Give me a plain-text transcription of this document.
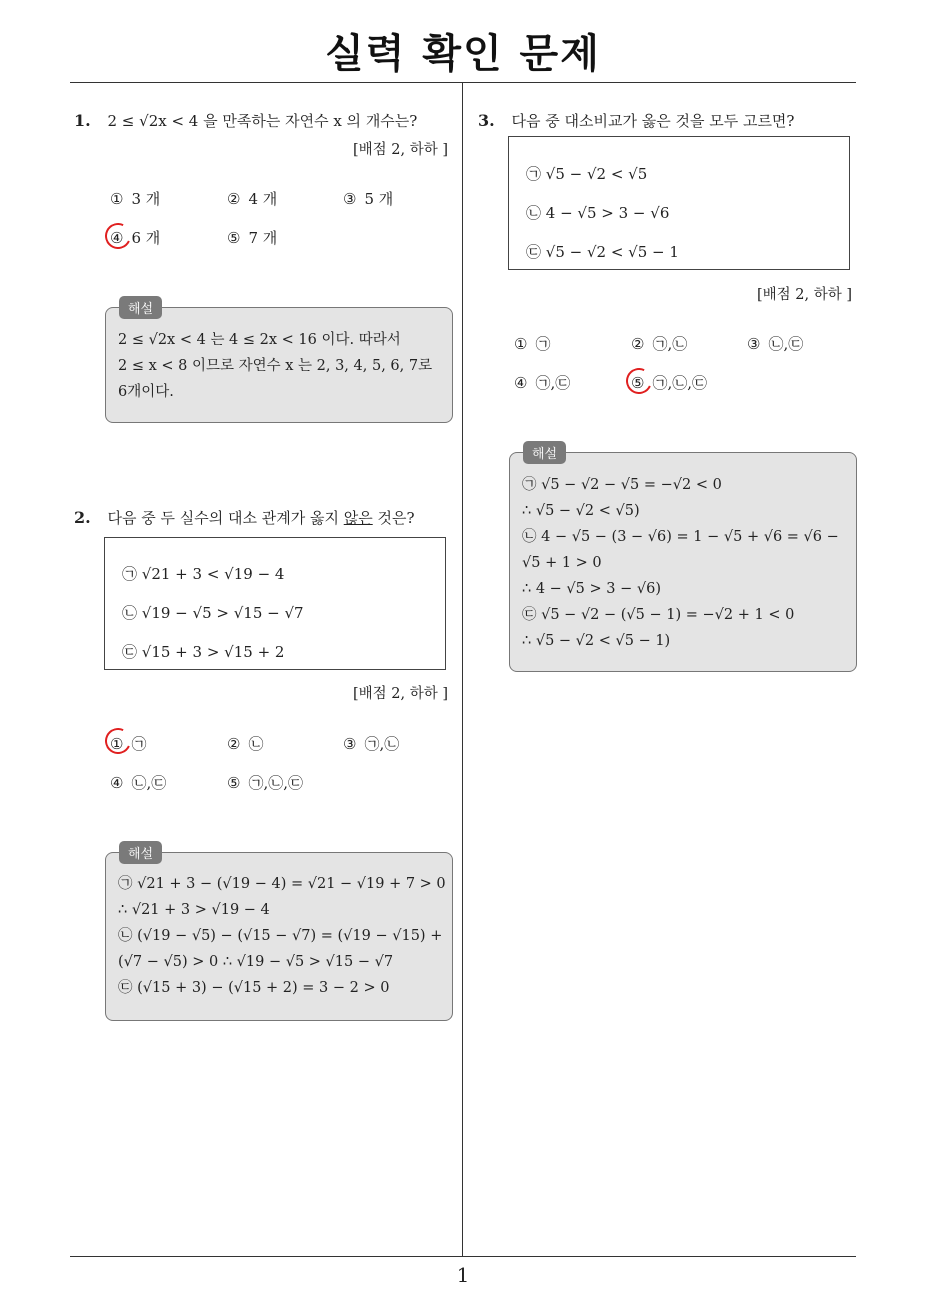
실력 확인 문제
1
1. 2 ≤ √2x < 4 을 만족하는 자연수 x 의 개수는?
[배점 2, 하하 ]
① 3 개	② 4 개	③ 5 개
④ 6 개	⑤ 7 개
해설
2 ≤ √2x < 4 는 4 ≤ 2x < 16 이다. 따라서
2 ≤ x < 8 이므로 자연수 x 는 2, 3, 4, 5, 6, 7로
6개이다.
2. 다음 중 두 실수의 대소 관계가 옳지 않은 것은?
㉠ √21 + 3 < √19 − 4
㉡ √19 − √5 > √15 − √7
㉢ √15 + 3 > √15 + 2
[배점 2, 하하 ]
① ㉠	② ㉡	③ ㉠,㉡
④ ㉡,㉢	⑤ ㉠,㉡,㉢
해설
㉠ √21 + 3 − (√19 − 4) = √21 − √19 + 7 > 0
∴ √21 + 3 > √19 − 4
㉡ (√19 − √5) − (√15 − √7) = (√19 − √15) +
(√7 − √5) > 0 ∴ √19 − √5 > √15 − √7
㉢ (√15 + 3) − (√15 + 2) = 3 − 2 > 0
3. 다음 중 대소비교가 옳은 것을 모두 고르면?
㉠ √5 − √2 < √5
㉡ 4 − √5 > 3 − √6
㉢ √5 − √2 < √5 − 1
[배점 2, 하하 ]
① ㉠	② ㉠,㉡	③ ㉡,㉢
④ ㉠,㉢	⑤ ㉠,㉡,㉢
해설
㉠ √5 − √2 − √5 = −√2 < 0
∴ √5 − √2 < √5)
㉡ 4 − √5 − (3 − √6) = 1 − √5 + √6 = √6 −
√5 + 1 > 0
∴ 4 − √5 > 3 − √6)
㉢ √5 − √2 − (√5 − 1) = −√2 + 1 < 0
∴ √5 − √2 < √5 − 1)
